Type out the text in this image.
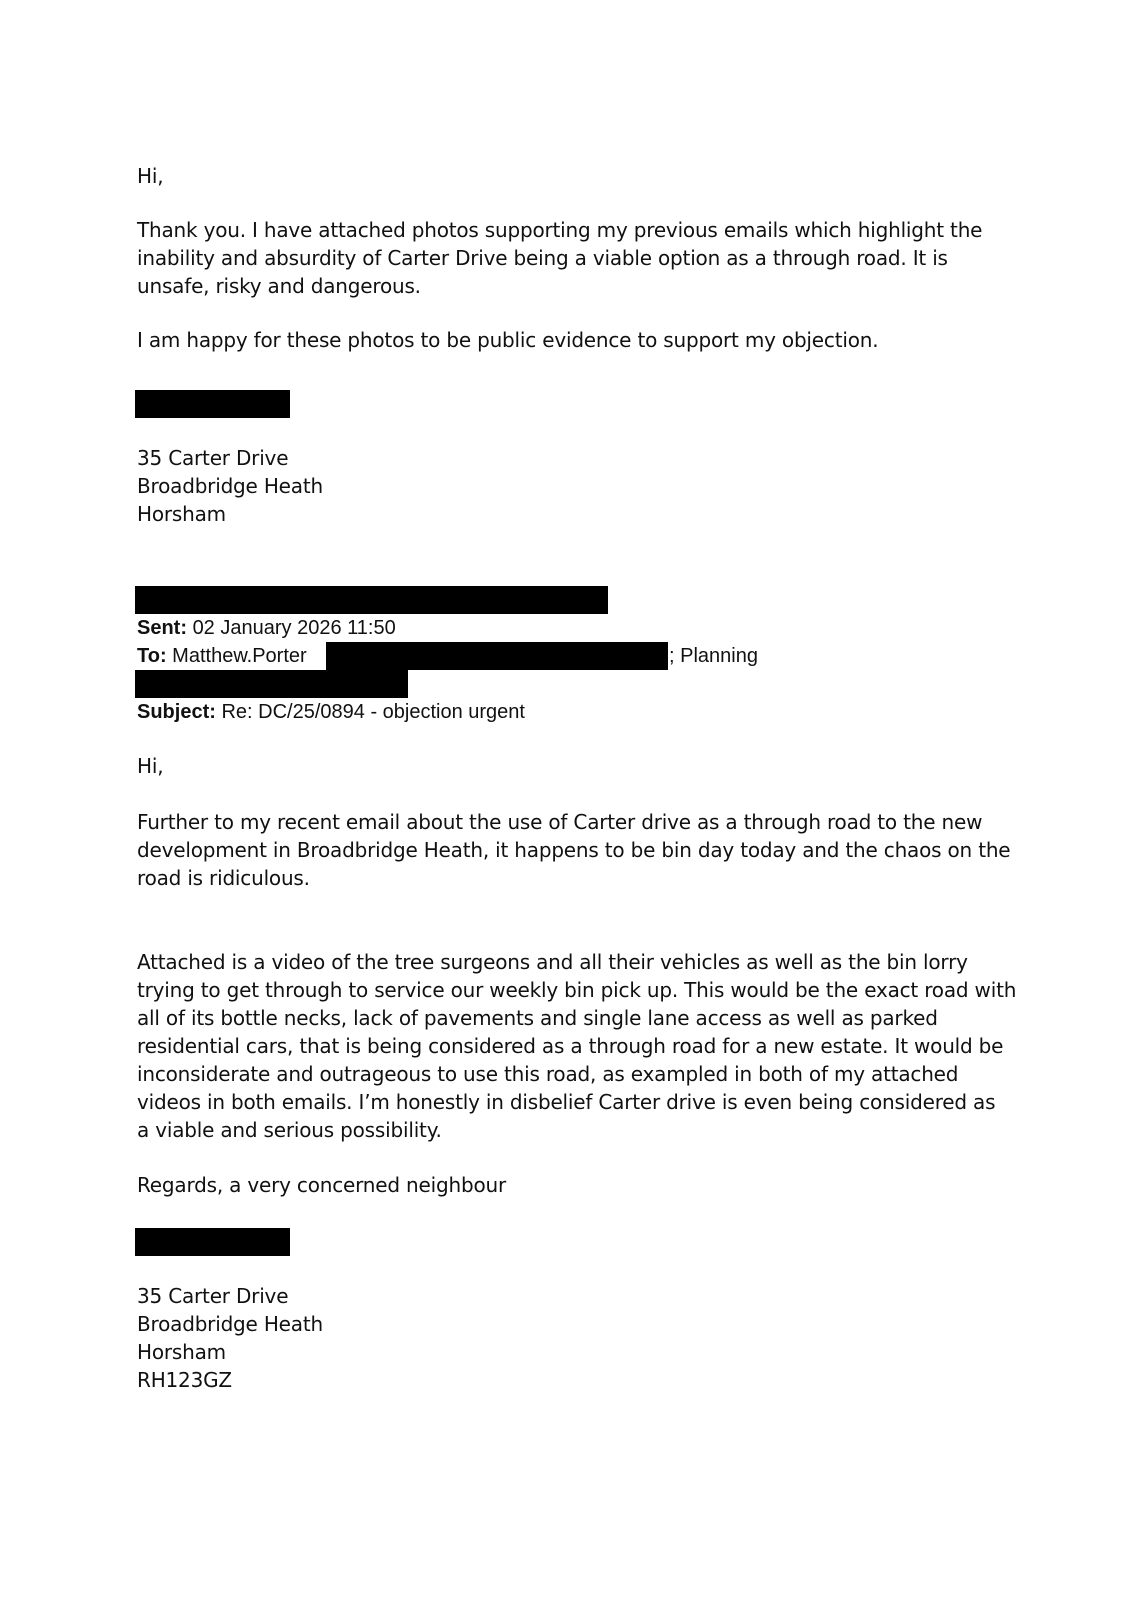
Hi,
Thank you. I have attached photos supporting my previous emails which highlight the
inability and absurdity of Carter Drive being a viable option as a through road. It is
unsafe, risky and dangerous.
I am happy for these photos to be public evidence to support my objection.
35 Carter Drive
Broadbridge Heath
Horsham
Sent: 02 January 2026 11:50
To: Matthew.Porter	; Planning
Subject: Re: DC/25/0894 - objection urgent
Hi,
Further to my recent email about the use of Carter drive as a through road to the new
development in Broadbridge Heath, it happens to be bin day today and the chaos on the
road is ridiculous.
Attached is a video of the tree surgeons and all their vehicles as well as the bin lorry
trying to get through to service our weekly bin pick up. This would be the exact road with
all of its bottle necks, lack of pavements and single lane access as well as parked
residential cars, that is being considered as a through road for a new estate. It would be
inconsiderate and outrageous to use this road, as exampled in both of my attached
videos in both emails. I’m honestly in disbelief Carter drive is even being considered as
a viable and serious possibility.
Regards, a very concerned neighbour
35 Carter Drive
Broadbridge Heath
Horsham
RH123GZ
